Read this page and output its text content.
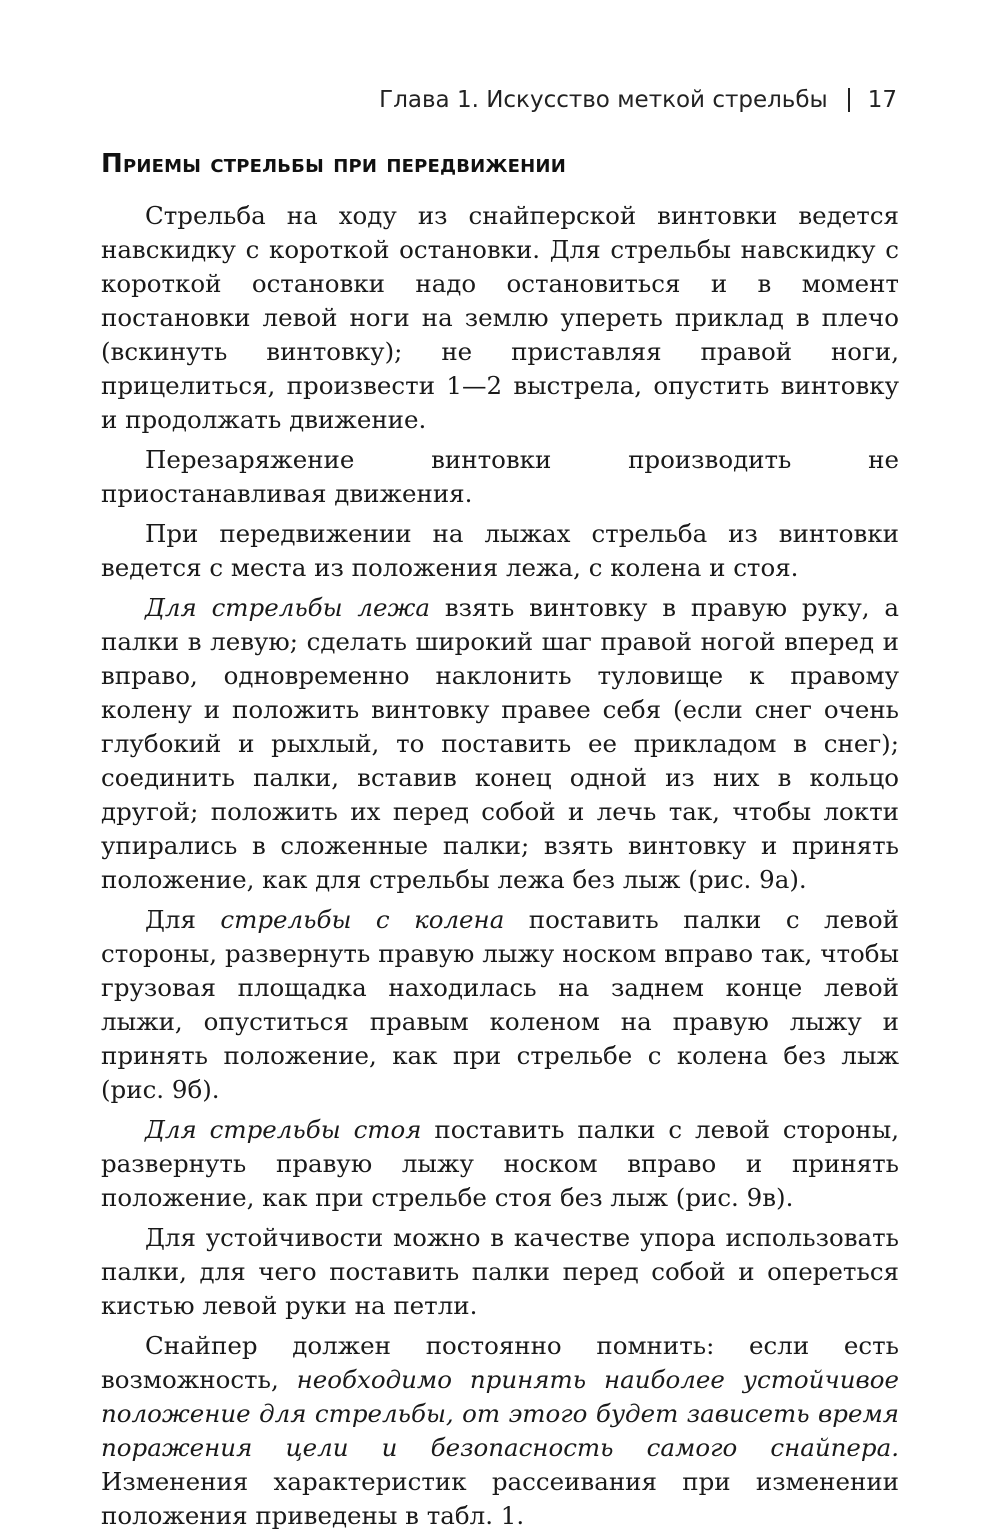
Глава 1. Искусство меткой стрельбы 17
Приемы стрельбы при передвижении

Стрельба на ходу из снайперской винтовки ведется навскидку с короткой остановки. Для стрельбы навскидку с короткой остановки надо остановиться и в момент постановки левой ноги на землю упереть приклад в плечо (вскинуть винтовку); не приставляя правой ноги, прицелиться, произвести 1—2 выстрела, опустить винтовку и продолжать движение.

Перезаряжение винтовки производить не приостанавливая движения.

При передвижении на лыжах стрельба из винтовки ведется с места из положения лежа, с колена и стоя.

Для стрельбы лежа взять винтовку в правую руку, а палки в левую; сделать широкий шаг правой ногой вперед и вправо, одновременно наклонить туловище к правому колену и положить винтовку правее себя (если снег очень глубокий и рыхлый, то поставить ее прикладом в снег); соединить палки, вставив конец одной из них в кольцо другой; положить их перед собой и лечь так, чтобы локти упирались в сложенные палки; взять винтовку и принять положение, как для стрельбы лежа без лыж (рис. 9а).

Для стрельбы с колена поставить палки с левой стороны, развернуть правую лыжу носком вправо так, чтобы грузовая площадка находилась на заднем конце левой лыжи, опуститься правым коленом на правую лыжу и принять положение, как при стрельбе с колена без лыж (рис. 9б).

Для стрельбы стоя поставить палки с левой стороны, развернуть правую лыжу носком вправо и принять положение, как при стрельбе стоя без лыж (рис. 9в).

Для устойчивости можно в качестве упора использовать палки, для чего поставить палки перед собой и опереться кистью левой руки на петли.

Снайпер должен постоянно помнить: если есть возможность, необходимо принять наиболее устойчивое положение для стрельбы, от этого будет зависеть время поражения цели и безопасность самого снайпера. Изменения характеристик рассеивания при изменении положения приведены в табл. 1.
